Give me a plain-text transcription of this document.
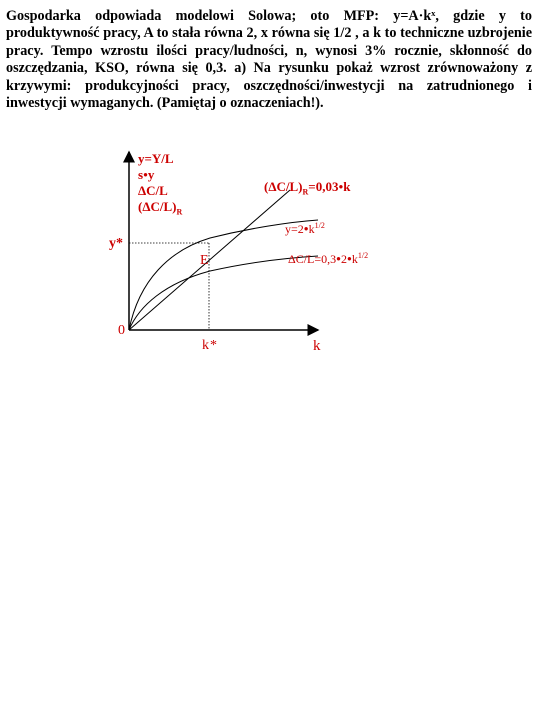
Gospodarka odpowiada modelowi Solowa; oto MFP: y=A·kˣ, gdzie y to produktywność pracy, A to stała równa 2, x równa się 1/2 , a k to techniczne uzbrojenie pracy. Tempo wzrostu ilości pracy/ludności, n, wynosi 3% rocznie, skłonność do oszczędzania, KSO, równa się 0,3. a) Na rysunku pokaż wzrost zrównoważony z krzywymi: produkcyjności pracy, oszczędności/inwestycji na zatrudnionego i inwestycji wymaganych. (Pamiętaj o oznaczeniach!).

y=Y/L
s●y
ΔC/L
$(\Delta C/L)_R$
$(\Delta C/L)_R=0,03●k$
$y=2●k^{1/2}$
$\Delta C/L=0,3●2●k^{1/2}$
E
y*
k*
0
k
